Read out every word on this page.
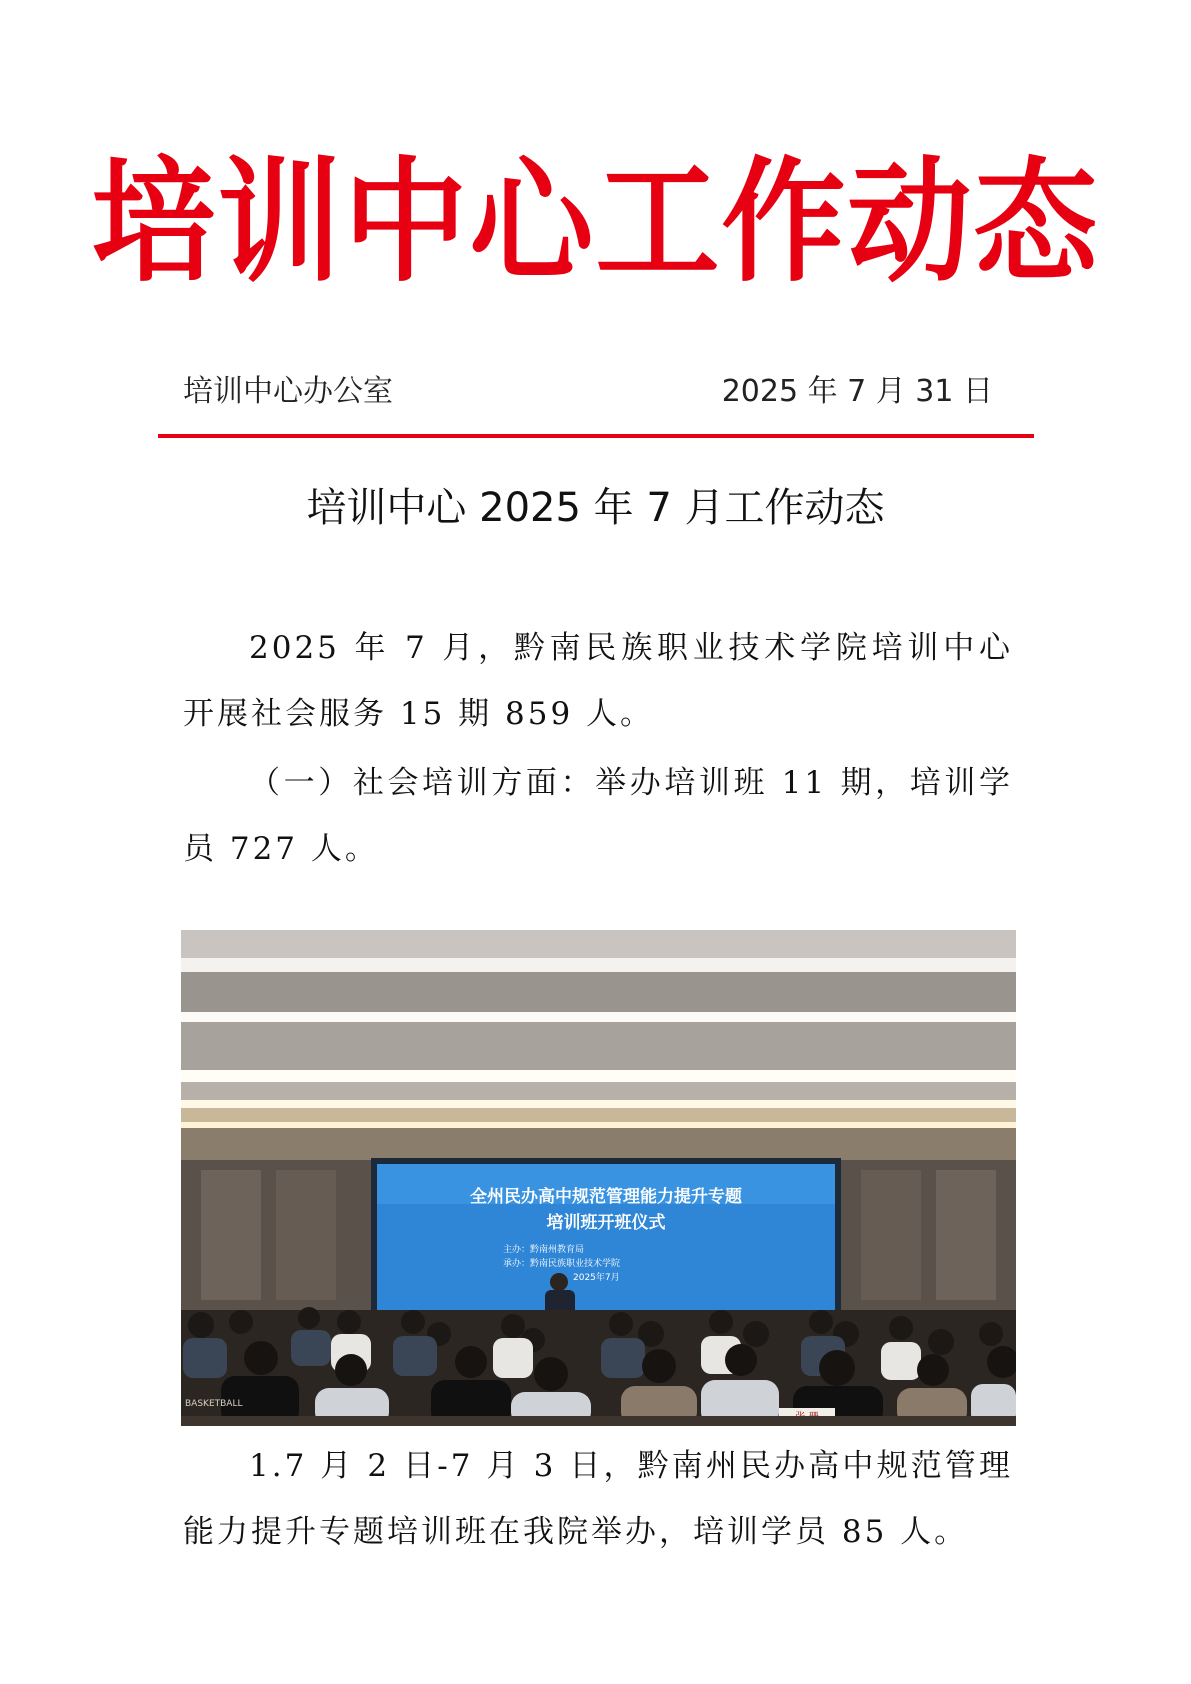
培训中心工作动态
培训中心办公室	2025 年 7 月 31 日
培训中心 2025 年 7 月工作动态
2025 年 7 月，黔南民族职业技术学院培训中心开展社会服务 15 期 859 人。
（一）社会培训方面：举办培训班 11 期，培训学员 727 人。
全州民办高中规范管理能力提升专题
培训班开班仪式
主办：黔南州教育局
承办：黔南民族职业技术学院
2025年7月
BASKETBALL
1.7 月 2 日-7 月 3 日，黔南州民办高中规范管理能力提升专题培训班在我院举办，培训学员 85 人。
